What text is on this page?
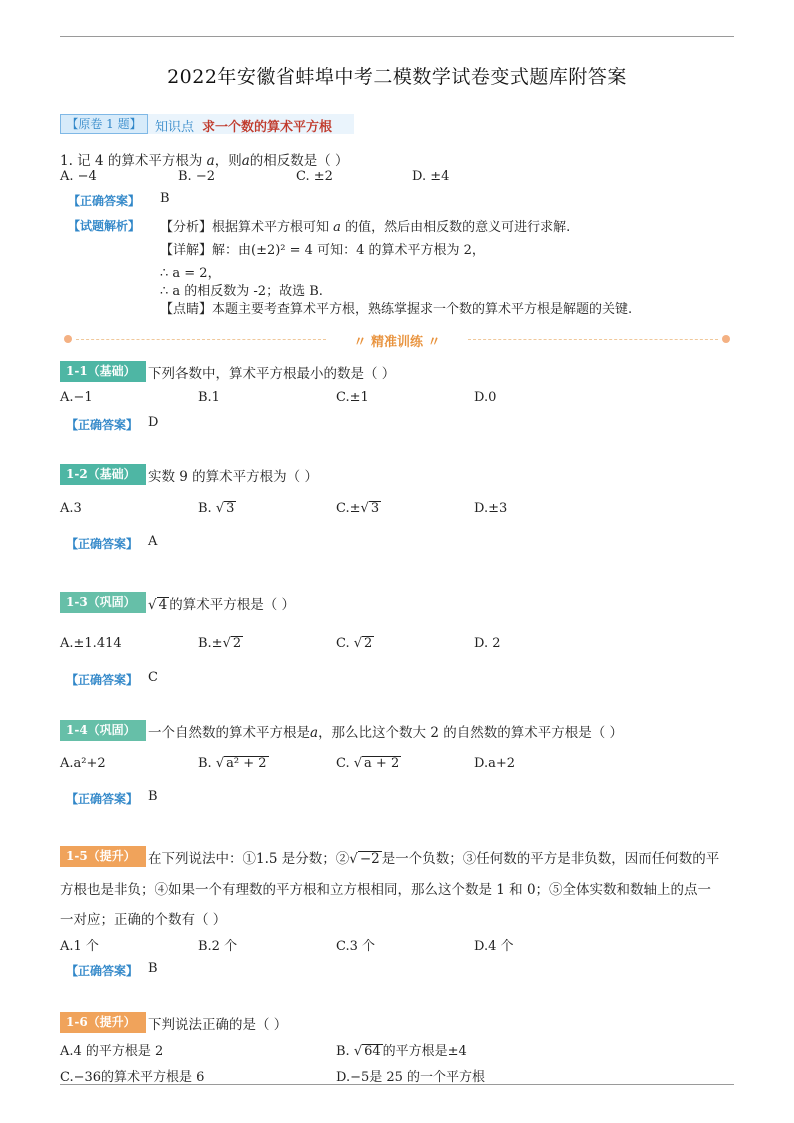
2022年安徽省蚌埠中考二模数学试卷变式题库附答案
【原卷 1 题】	知识点 求一个数的算术平方根
1. 记 4 的算术平方根为 a，则a的相反数是（ ）
A. −4	B. −2	C. ±2	D. ±4
【正确答案】 B
【试题解析】 【分析】根据算术平方根可知 a 的值，然后由相反数的意义可进行求解.
【详解】解：由(±2)² = 4 可知：4 的算术平方根为 2，
∴ a = 2，
∴ a 的相反数为 -2；故选 B.
【点睛】本题主要考查算术平方根，熟练掌握求一个数的算术平方根是解题的关键.
〃 精准训练 〃
1-1（基础） 下列各数中，算术平方根最小的数是（ ）
A.−1	B.1	C.±1	D.0
【正确答案】 D
1-2（基础） 实数 9 的算术平方根为（ ）
A.3	B. √ 3	C.±√ 3	D.±3
【正确答案】 A
1-3（巩固） √ 4 的算术平方根是（ ）
A.±1.414	B.±√ 2	C. √ 2	D. 2
【正确答案】 C
1-4（巩固） 一个自然数的算术平方根是a，那么比这个数大 2 的自然数的算术平方根是（ ）
A.a²+2	B. √ a² + 2	C. √ a + 2	D.a+2
【正确答案】 B
1-5（提升） 在下列说法中：①1.5 是分数；②√ −2 是一个负数；③任何数的平方是非负数，因而任何数的平
方根也是非负；④如果一个有理数的平方根和立方根相同，那么这个数是 1 和 0；⑤全体实数和数轴上的点一
一对应；正确的个数有（ ）
A.1 个	B.2 个	C.3 个	D.4 个
【正确答案】 B
1-6（提升） 下判说法正确的是（ ）
A.4 的平方根是 2	B. √ 64 的平方根是±4
C.−36的算术平方根是 6	D.−5是 25 的一个平方根
